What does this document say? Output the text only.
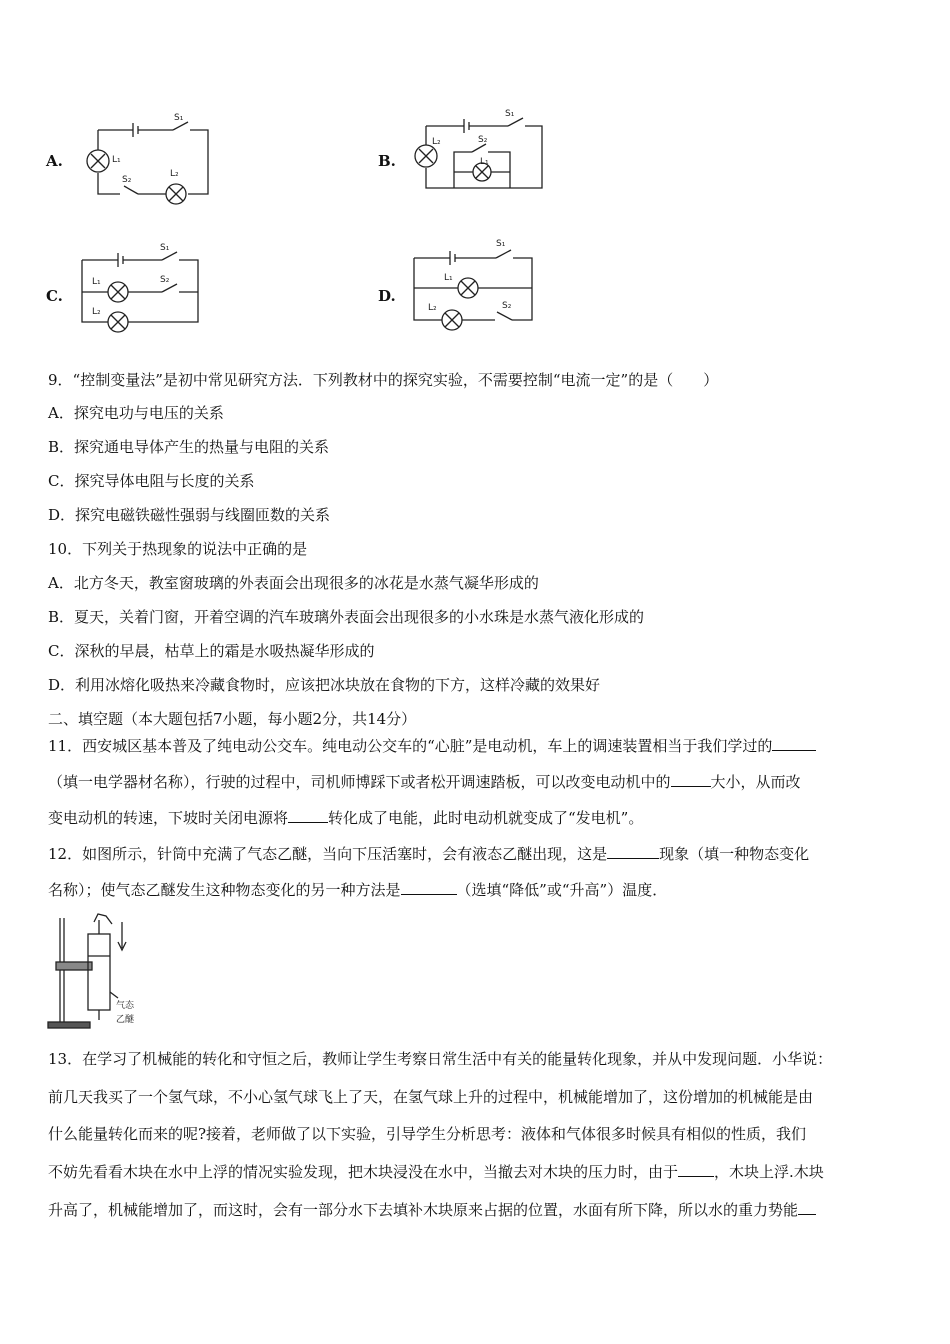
A.
S₁
L₁
S₂
L₂
B.
S₁
L₂	S₂
L₁
C.
S₁
L₁	S₂
L₂
D.
S₁
L₁
S₂
L₂
9．“控制变量法”是初中常见研究方法．下列教材中的探究实验，不需要控制“电流一定”的是（　　）
A．探究电功与电压的关系
B．探究通电导体产生的热量与电阻的关系
C．探究导体电阻与长度的关系
D．探究电磁铁磁性强弱与线圈匝数的关系
10．下列关于热现象的说法中正确的是
A．北方冬天，教室窗玻璃的外表面会出现很多的冰花是水蒸气凝华形成的
B．夏天，关着门窗，开着空调的汽车玻璃外表面会出现很多的小水珠是水蒸气液化形成的
C．深秋的早晨，枯草上的霜是水吸热凝华形成的
D．利用冰熔化吸热来冷藏食物时，应该把冰块放在食物的下方，这样冷藏的效果好
二、填空题（本大题包括7小题，每小题2分，共14分）
11．西安城区基本普及了纯电动公交车。纯电动公交车的“心脏”是电动机，车上的调速装置相当于我们学过的
（填一电学器材名称），行驶的过程中，司机师博踩下或者松开调速踏板，可以改变电动机中的	大小，从而改
变电动机的转速，下坡时关闭电源将	转化成了电能，此时电动机就变成了“发电机”。
12．如图所示，针筒中充满了气态乙醚，当向下压活塞时，会有液态乙醚出现，这是	现象（填一种物态变化
名称）；使气态乙醚发生这种物态变化的另一种方法是	（选填“降低”或“升高”）温度．
气态
乙醚
13．在学习了机械能的转化和守恒之后，教师让学生考察日常生活中有关的能量转化现象，并从中发现问题．小华说：
前几天我买了一个氢气球，不小心氢气球飞上了天，在氢气球上升的过程中，机械能增加了，这份增加的机械能是由
什么能量转化而来的呢?接着，老师做了以下实验，引导学生分析思考：液体和气体很多时候具有相似的性质，我们
不妨先看看木块在水中上浮的情况实验发现，把木块浸没在水中，当撤去对木块的压力时，由于 ，木块上浮.木块
升高了，机械能增加了，而这时，会有一部分水下去填补木块原来占据的位置，水面有所下降，所以水的重力势能
